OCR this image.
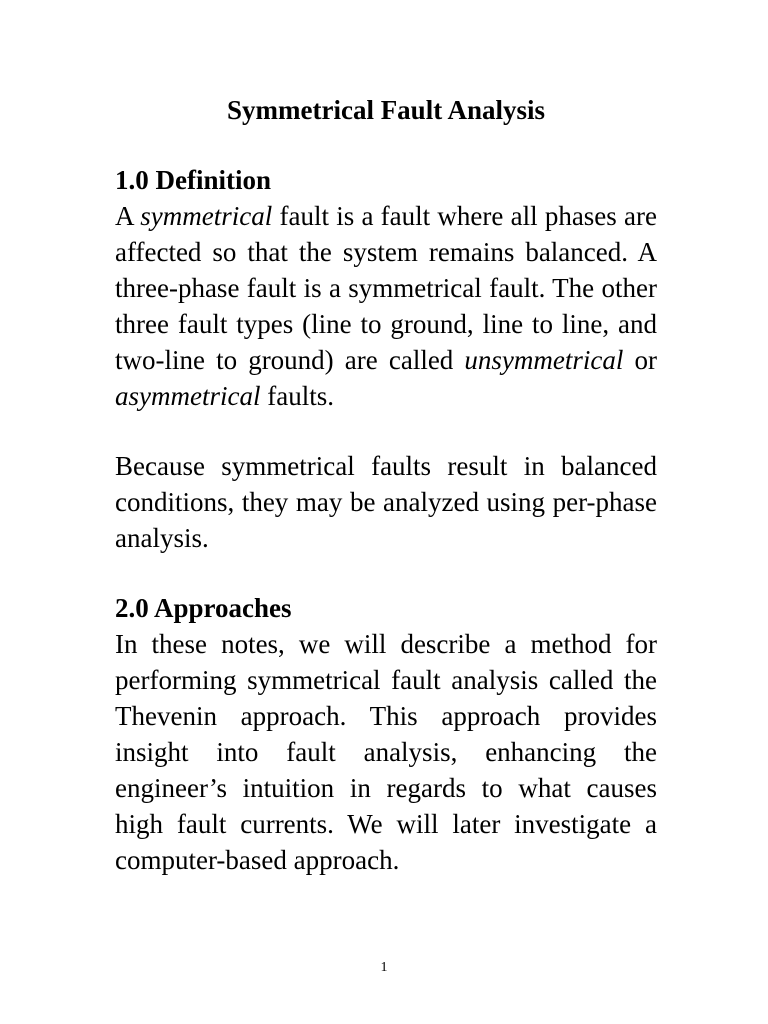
Symmetrical Fault Analysis
1.0 Definition

A symmetrical fault is a fault where all phases are affected so that the system remains balanced. A three-phase fault is a symmetrical fault. The other three fault types (line to ground, line to line, and two-line to ground) are called unsymmetrical or asymmetrical faults.

Because symmetrical faults result in balanced conditions, they may be analyzed using per-phase analysis.

2.0 Approaches

In these notes, we will describe a method for performing symmetrical fault analysis called the Thevenin approach. This approach provides insight into fault analysis, enhancing the engineer’s intuition in regards to what causes high fault currents. We will later investigate a computer-based approach.

1
